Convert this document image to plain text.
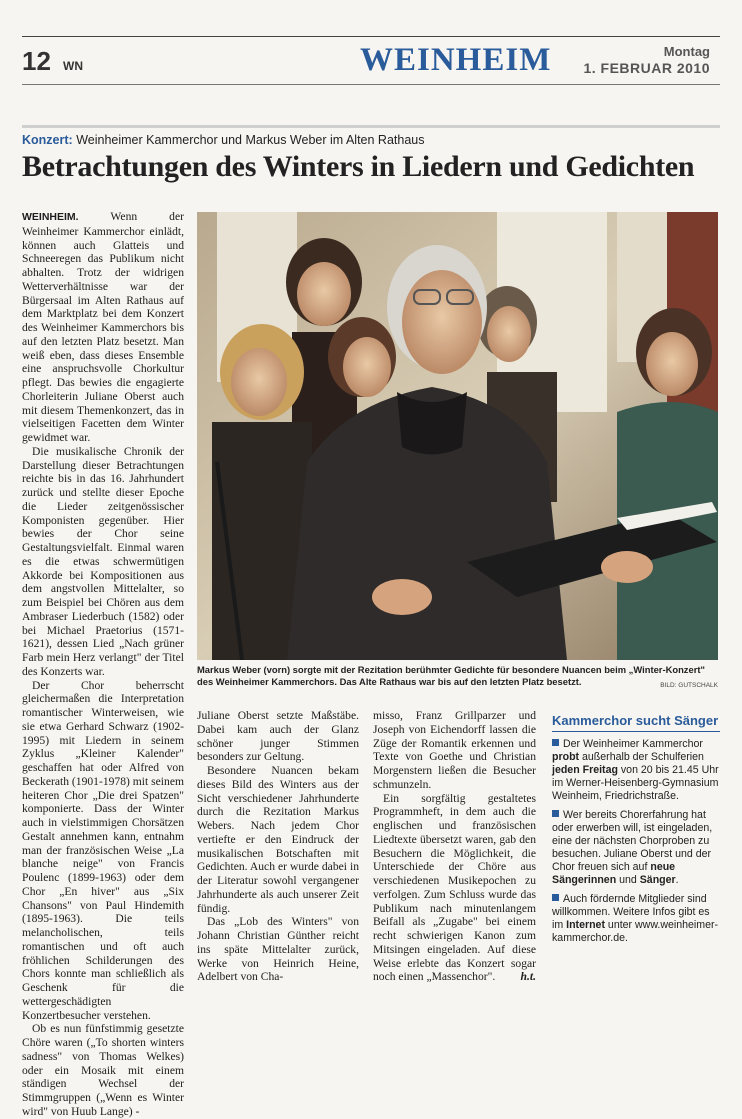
12 WN	WEINHEIM	Montag
1. FEBRUAR 2010
Konzert: Weinheimer Kammerchor und Markus Weber im Alten Rathaus
Betrachtungen des Winters in Liedern und Gedichten

WEINHEIM.	Wenn der Weinheimer Kammerchor einlädt, können auch Glatteis und Schneeregen das Publikum nicht abhalten. Trotz der widrigen Wetterverhältnisse war der Bürgersaal im Alten Rathaus auf dem Marktplatz bei dem Konzert des Weinheimer Kammerchors bis auf den letzten Platz besetzt. Man weiß eben, dass dieses Ensemble eine anspruchsvolle Chorkultur pflegt. Das bewies die engagierte Chorleiterin Juliane Oberst auch mit diesem Themenkonzert, das in vielseitigen Facetten dem Winter gewidmet war.

Die musikalische Chronik der Darstellung dieser Betrachtungen reichte bis in das 16. Jahrhundert zurück und stellte dieser Epoche die Lieder zeitgenössischer Komponisten gegenüber. Hier bewies der Chor seine Gestaltungsvielfalt. Einmal waren es die etwas schwermütigen Akkorde bei Kompositionen aus dem angstvollen Mittelalter, so zum Beispiel bei Chören aus dem Ambraser Liederbuch (1582) oder bei Michael Praetorius (1571-1621), dessen Lied „Nach grüner Farb mein Herz verlangt" der Titel des Konzerts war.

Der Chor beherrscht gleichermaßen die Interpretation romantischer Winterweisen, wie sie etwa Gerhard Schwarz (1902-1995) mit Liedern in seinem Zyklus „Kleiner Kalender" geschaffen hat oder Alfred von Beckerath (1901-1978) mit seinem heiteren Chor „Die drei Spatzen" komponierte. Dass der Winter auch in vielstimmigen Chorsätzen Gestalt annehmen kann, entnahm man der französischen Weise „La blanche neige" von Francis Poulenc (1899-1963) oder dem Chor „En hiver" aus „Six Chansons" von Paul Hindemith (1895-1963). Die teils melancholischen, teils romantischen und oft auch fröhlichen Schilderungen des Chors konnte man schließlich als Geschenk für die wettergeschädigten Konzertbesucher verstehen.

Ob es nun fünfstimmig gesetzte Chöre waren („To shorten winters sadness" von Thomas Welkes) oder ein Mosaik mit einem ständigen Wechsel der Stimmgruppen („Wenn es Winter wird" von Huub Lange) -

Markus Weber (vorn) sorgte mit der Rezitation berühmter Gedichte für besondere Nuancen beim „Winter-Konzert" des Weinheimer Kammerchors. Das Alte Rathaus war bis auf den letzten Platz besetzt.	BILD: GUTSCHALK

Juliane Oberst setzte Maßstäbe. Dabei kam auch der Glanz schöner junger Stimmen besonders zur Geltung.

Besondere Nuancen bekam dieses Bild des Winters aus der Sicht verschiedener Jahrhunderte durch die Rezitation Markus Webers. Nach jedem Chor vertiefte er den Eindruck der musikalischen Botschaften mit Gedichten. Auch er wurde dabei in der Literatur sowohl vergangener Jahrhunderte als auch unserer Zeit fündig.

Das „Lob des Winters" von Johann Christian Günther reicht ins späte Mittelalter zurück, Werke von Heinrich Heine, Adelbert von Cha-

misso, Franz Grillparzer und Joseph von Eichendorff lassen die Züge der Romantik erkennen und Texte von Goethe und Christian Morgenstern ließen die Besucher schmunzeln.

Ein sorgfältig gestaltetes Programmheft, in dem auch die englischen und französischen Liedtexte übersetzt waren, gab den Besuchern die Möglichkeit, die Unterschiede der Chöre aus verschiedenen Musikepochen zu verfolgen. Zum Schluss wurde das Publikum nach minutenlangem Beifall als „Zugabe" bei einem recht schwierigen Kanon zum Mitsingen eingeladen. Auf diese Weise erlebte das Konzert sogar noch einen „Massenchor".	h.t.

Kammerchor sucht Sänger
Der Weinheimer Kammerchor probt außerhalb der Schulferien jeden Freitag von 20 bis 21.45 Uhr im Werner-Heisenberg-Gymnasium Weinheim, Friedrichstraße.
Wer bereits Chorerfahrung hat oder erwerben will, ist eingeladen, eine der nächsten Chorproben zu besuchen. Juliane Oberst und der Chor freuen sich auf neue Sängerinnen und Sänger.
Auch fördernde Mitglieder sind willkommen. Weitere Infos gibt es im Internet unter www.weinheimer-kammerchor.de.
